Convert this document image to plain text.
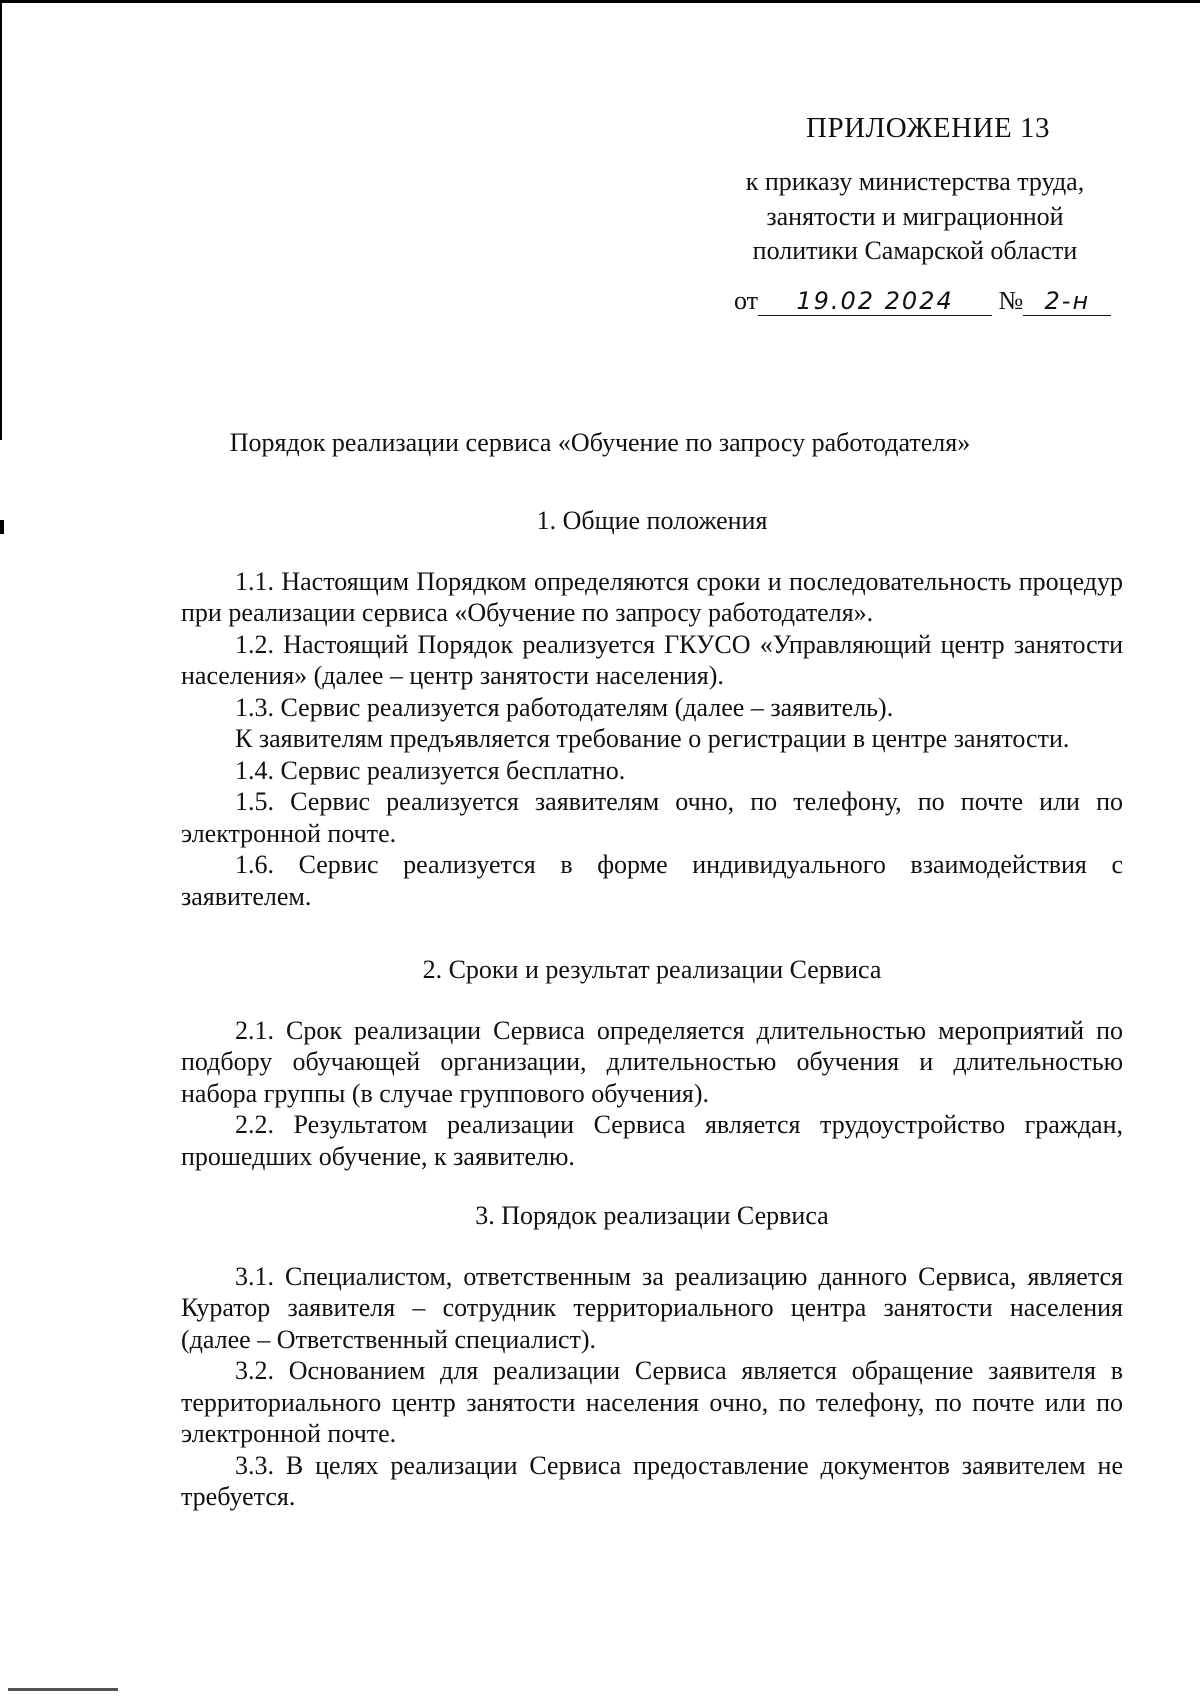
ПРИЛОЖЕНИЕ 13
к приказу министерства труда,
занятости и миграционной
политики Самарской области
от 19.02 2024 № 2-н
Порядок реализации сервиса «Обучение по запросу работодателя»
1. Общие положения

1.1. Настоящим Порядком определяются сроки и последовательность процедур при реализации сервиса «Обучение по запросу работодателя».

1.2. Настоящий Порядок реализуется ГКУСО «Управляющий центр занятости населения» (далее – центр занятости населения).

1.3. Сервис реализуется работодателям (далее – заявитель).

К заявителям предъявляется требование о регистрации в центре занятости.

1.4. Сервис реализуется бесплатно.

1.5. Сервис реализуется заявителям очно, по телефону, по почте или по электронной почте.

1.6. Сервис реализуется в форме индивидуального взаимодействия с заявителем.

2. Сроки и результат реализации Сервиса

2.1. Срок реализации Сервиса определяется длительностью мероприятий по подбору обучающей организации, длительностью обучения и длительностью набора группы (в случае группового обучения).

2.2. Результатом реализации Сервиса является трудоустройство граждан, прошедших обучение, к заявителю.

3. Порядок реализации Сервиса

3.1. Специалистом, ответственным за реализацию данного Сервиса, является Куратор заявителя – сотрудник территориального центра занятости населения (далее – Ответственный специалист).

3.2. Основанием для реализации Сервиса является обращение заявителя в территориального центр занятости населения очно, по телефону, по почте или по электронной почте.

3.3. В целях реализации Сервиса предоставление документов заявителем не требуется.
